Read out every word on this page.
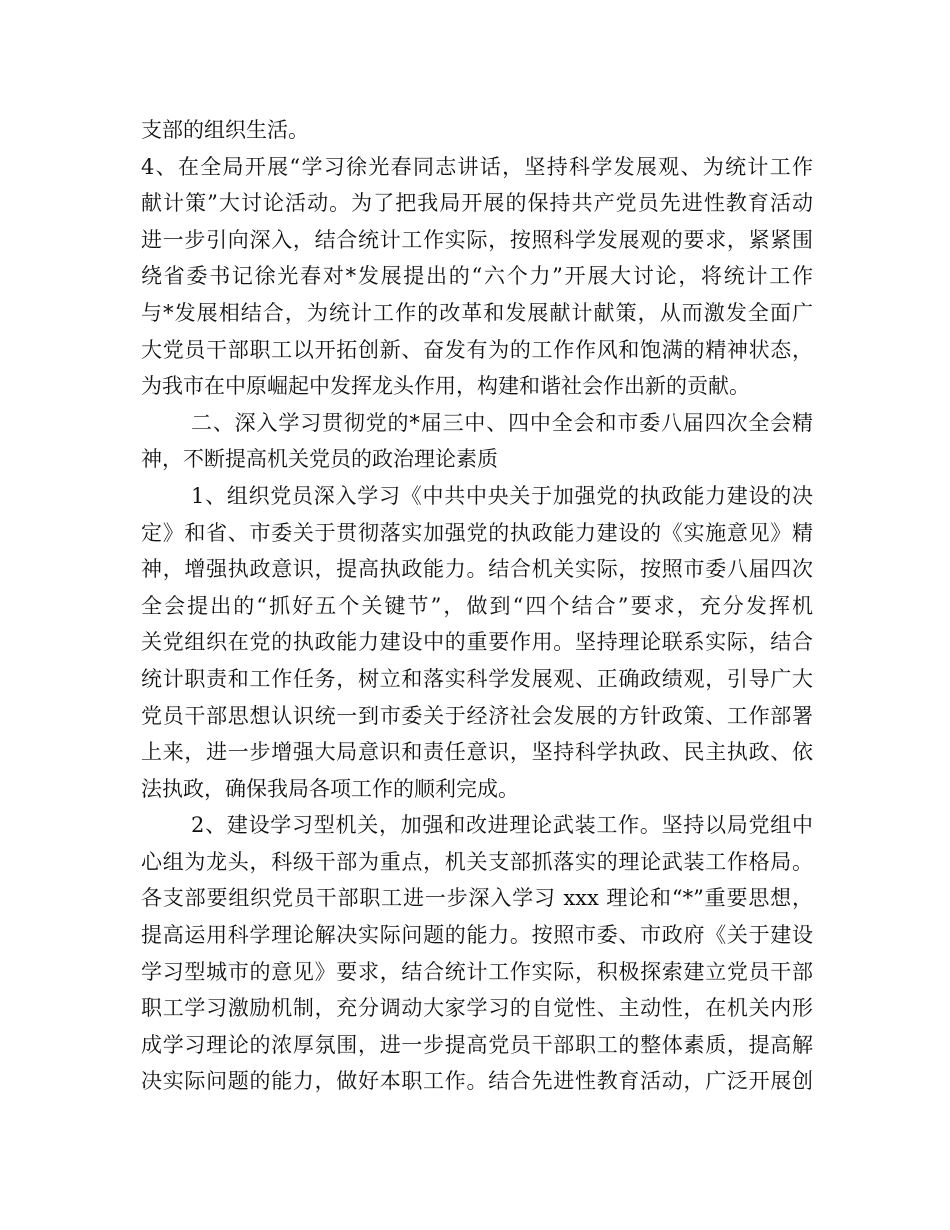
支部的组织生活。
4、在全局开展“学习徐光春同志讲话，坚持科学发展观、为统计工作
献计策”大讨论活动。为了把我局开展的保持共产党员先进性教育活动
进一步引向深入，结合统计工作实际，按照科学发展观的要求，紧紧围
绕省委书记徐光春对*发展提出的“六个力”开展大讨论，将统计工作
与*发展相结合，为统计工作的改革和发展献计献策，从而激发全面广
大党员干部职工以开拓创新、奋发有为的工作作风和饱满的精神状态，
为我市在中原崛起中发挥龙头作用，构建和谐社会作出新的贡献。
二、深入学习贯彻党的*届三中、四中全会和市委八届四次全会精
神，不断提高机关党员的政治理论素质
1、组织党员深入学习《中共中央关于加强党的执政能力建设的决
定》和省、市委关于贯彻落实加强党的执政能力建设的《实施意见》精
神，增强执政意识，提高执政能力。结合机关实际，按照市委八届四次
全会提出的“抓好五个关键节”，做到“四个结合”要求，充分发挥机
关党组织在党的执政能力建设中的重要作用。坚持理论联系实际，结合
统计职责和工作任务，树立和落实科学发展观、正确政绩观，引导广大
党员干部思想认识统一到市委关于经济社会发展的方针政策、工作部署
上来，进一步增强大局意识和责任意识，坚持科学执政、民主执政、依
法执政，确保我局各项工作的顺利完成。
2、建设学习型机关，加强和改进理论武装工作。坚持以局党组中
心组为龙头，科级干部为重点，机关支部抓落实的理论武装工作格局。
各支部要组织党员干部职工进一步深入学习 xxx 理论和“*”重要思想，
提高运用科学理论解决实际问题的能力。按照市委、市政府《关于建设
学习型城市的意见》要求，结合统计工作实际，积极探索建立党员干部
职工学习激励机制，充分调动大家学习的自觉性、主动性，在机关内形
成学习理论的浓厚氛围，进一步提高党员干部职工的整体素质，提高解
决实际问题的能力，做好本职工作。结合先进性教育活动，广泛开展创
